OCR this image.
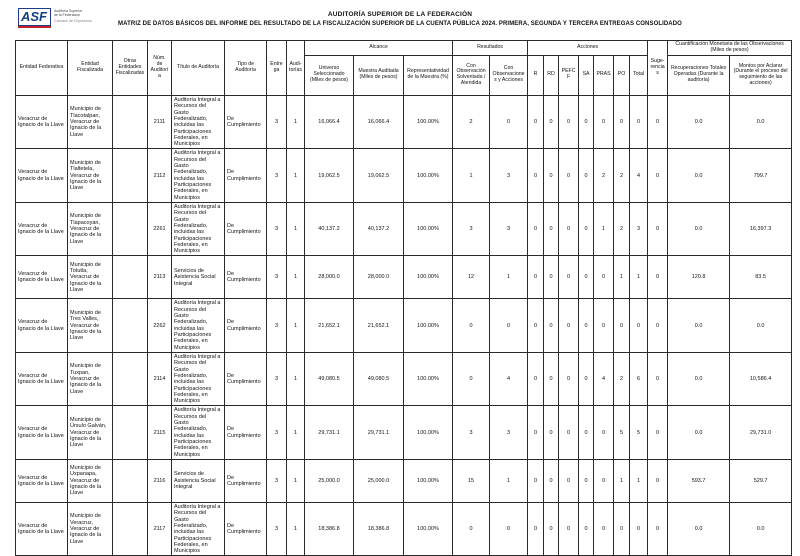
ASF	Auditoría Superior
de la Federación
Cámara de Diputados
AUDITORÍA SUPERIOR DE LA FEDERACIÓN
MATRIZ DE DATOS BÁSICOS DEL INFORME DEL RESULTADO DE LA FISCALIZACIÓN SUPERIOR DE LA CUENTA PÚBLICA 2024. PRIMERA, SEGUNDA Y TERCERA ENTREGAS CONSOLIDADO
Entidad Federativa	Entidad Fiscalizada	Otras Entidades Fiscalizadas	Núm. de Auditoría	Título de Auditoría	Tipo de Auditoría	Entrega	Audi-torías	Alcance			Resultados		Acciones							Suge-rencias	Cuantificación Monetaria de las Observaciones (Miles de pesos)	
								Universo Seleccionado (Miles de pesos)	Muestra Auditada (Miles de pesos)	Representatividad de la Muestra (%)	Con Observación Solventada / Atendida	Con Observaciones y Acciones	R	RD	PEFCF	SA	PRAS	PO	Total		Recuperaciones Totales Operadas (Durante la auditoría)	Montos por Aclarar (Durante el proceso del seguimiento de las acciones)
Veracruz de Ignacio de la Llave	Municipio de Tlacotalpan, Veracruz de Ignacio de la Llave		2111	Auditoría Integral a Recursos del Gasto Federalizado, incluidas las Participaciones Federales, en Municipios	De Cumplimiento	3	1	16,066.4	16,066.4	100.00%	2	0	0	0	0	0	0	0	0	0	0.0	0.0
Veracruz de Ignacio de la Llave	Municipio de Tlaltetela, Veracruz de Ignacio de la Llave		2112	Auditoría Integral a Recursos del Gasto Federalizado, incluidas las Participaciones Federales, en Municipios	De Cumplimiento	3	1	19,062.5	19,062.5	100.00%	1	3	0	0	0	0	2	2	4	0	0.0	799.7
Veracruz de Ignacio de la Llave	Municipio de Tlapacoyan, Veracruz de Ignacio de la Llave		2261	Auditoría Integral a Recursos del Gasto Federalizado, incluidas las Participaciones Federales, en Municipios	De Cumplimiento	3	1	40,137.2	40,137.2	100.00%	3	3	0	0	0	0	1	2	3	0	0.0	16,397.3
Veracruz de Ignacio de la Llave	Municipio de Totutla, Veracruz de Ignacio de la Llave		2113	Servicios de Asistencia Social Integral	De Cumplimiento	3	1	28,000.0	28,000.0	100.00%	12	1	0	0	0	0	0	1	1	0	120.8	83.5
Veracruz de Ignacio de la Llave	Municipio de Tres Valles, Veracruz de Ignacio de la Llave		2262	Auditoría Integral a Recursos del Gasto Federalizado, incluidas las Participaciones Federales, en Municipios	De Cumplimiento	3	1	21,652.1	21,652.1	100.00%	0	0	0	0	0	0	0	0	0	0	0.0	0.0
Veracruz de Ignacio de la Llave	Municipio de Tuxpan, Veracruz de Ignacio de la Llave		2114	Auditoría Integral a Recursos del Gasto Federalizado, incluidas las Participaciones Federales, en Municipios	De Cumplimiento	3	1	49,080.5	49,080.5	100.00%	0	4	0	0	0	0	4	2	6	0	0.0	10,586.4
Veracruz de Ignacio de la Llave	Municipio de Úrsulo Galván, Veracruz de Ignacio de la Llave		2115	Auditoría Integral a Recursos del Gasto Federalizado, incluidas las Participaciones Federales, en Municipios	De Cumplimiento	3	1	29,731.1	29,731.1	100.00%	3	3	0	0	0	0	0	5	5	0	0.0	29,731.0
Veracruz de Ignacio de la Llave	Municipio de Uxpanapa, Veracruz de Ignacio de la Llave		2116	Servicios de Asistencia Social Integral	De Cumplimiento	3	1	25,000.0	25,000.0	100.00%	15	1	0	0	0	0	0	1	1	0	593.7	529.7
Veracruz de Ignacio de la Llave	Municipio de Veracruz, Veracruz de Ignacio de la Llave		2117	Auditoría Integral a Recursos del Gasto Federalizado, incluidas las Participaciones Federales, en Municipios	De Cumplimiento	3	1	18,386.8	18,386.8	100.00%	0	0	0	0	0	0	0	0	0	0	0.0	0.0
